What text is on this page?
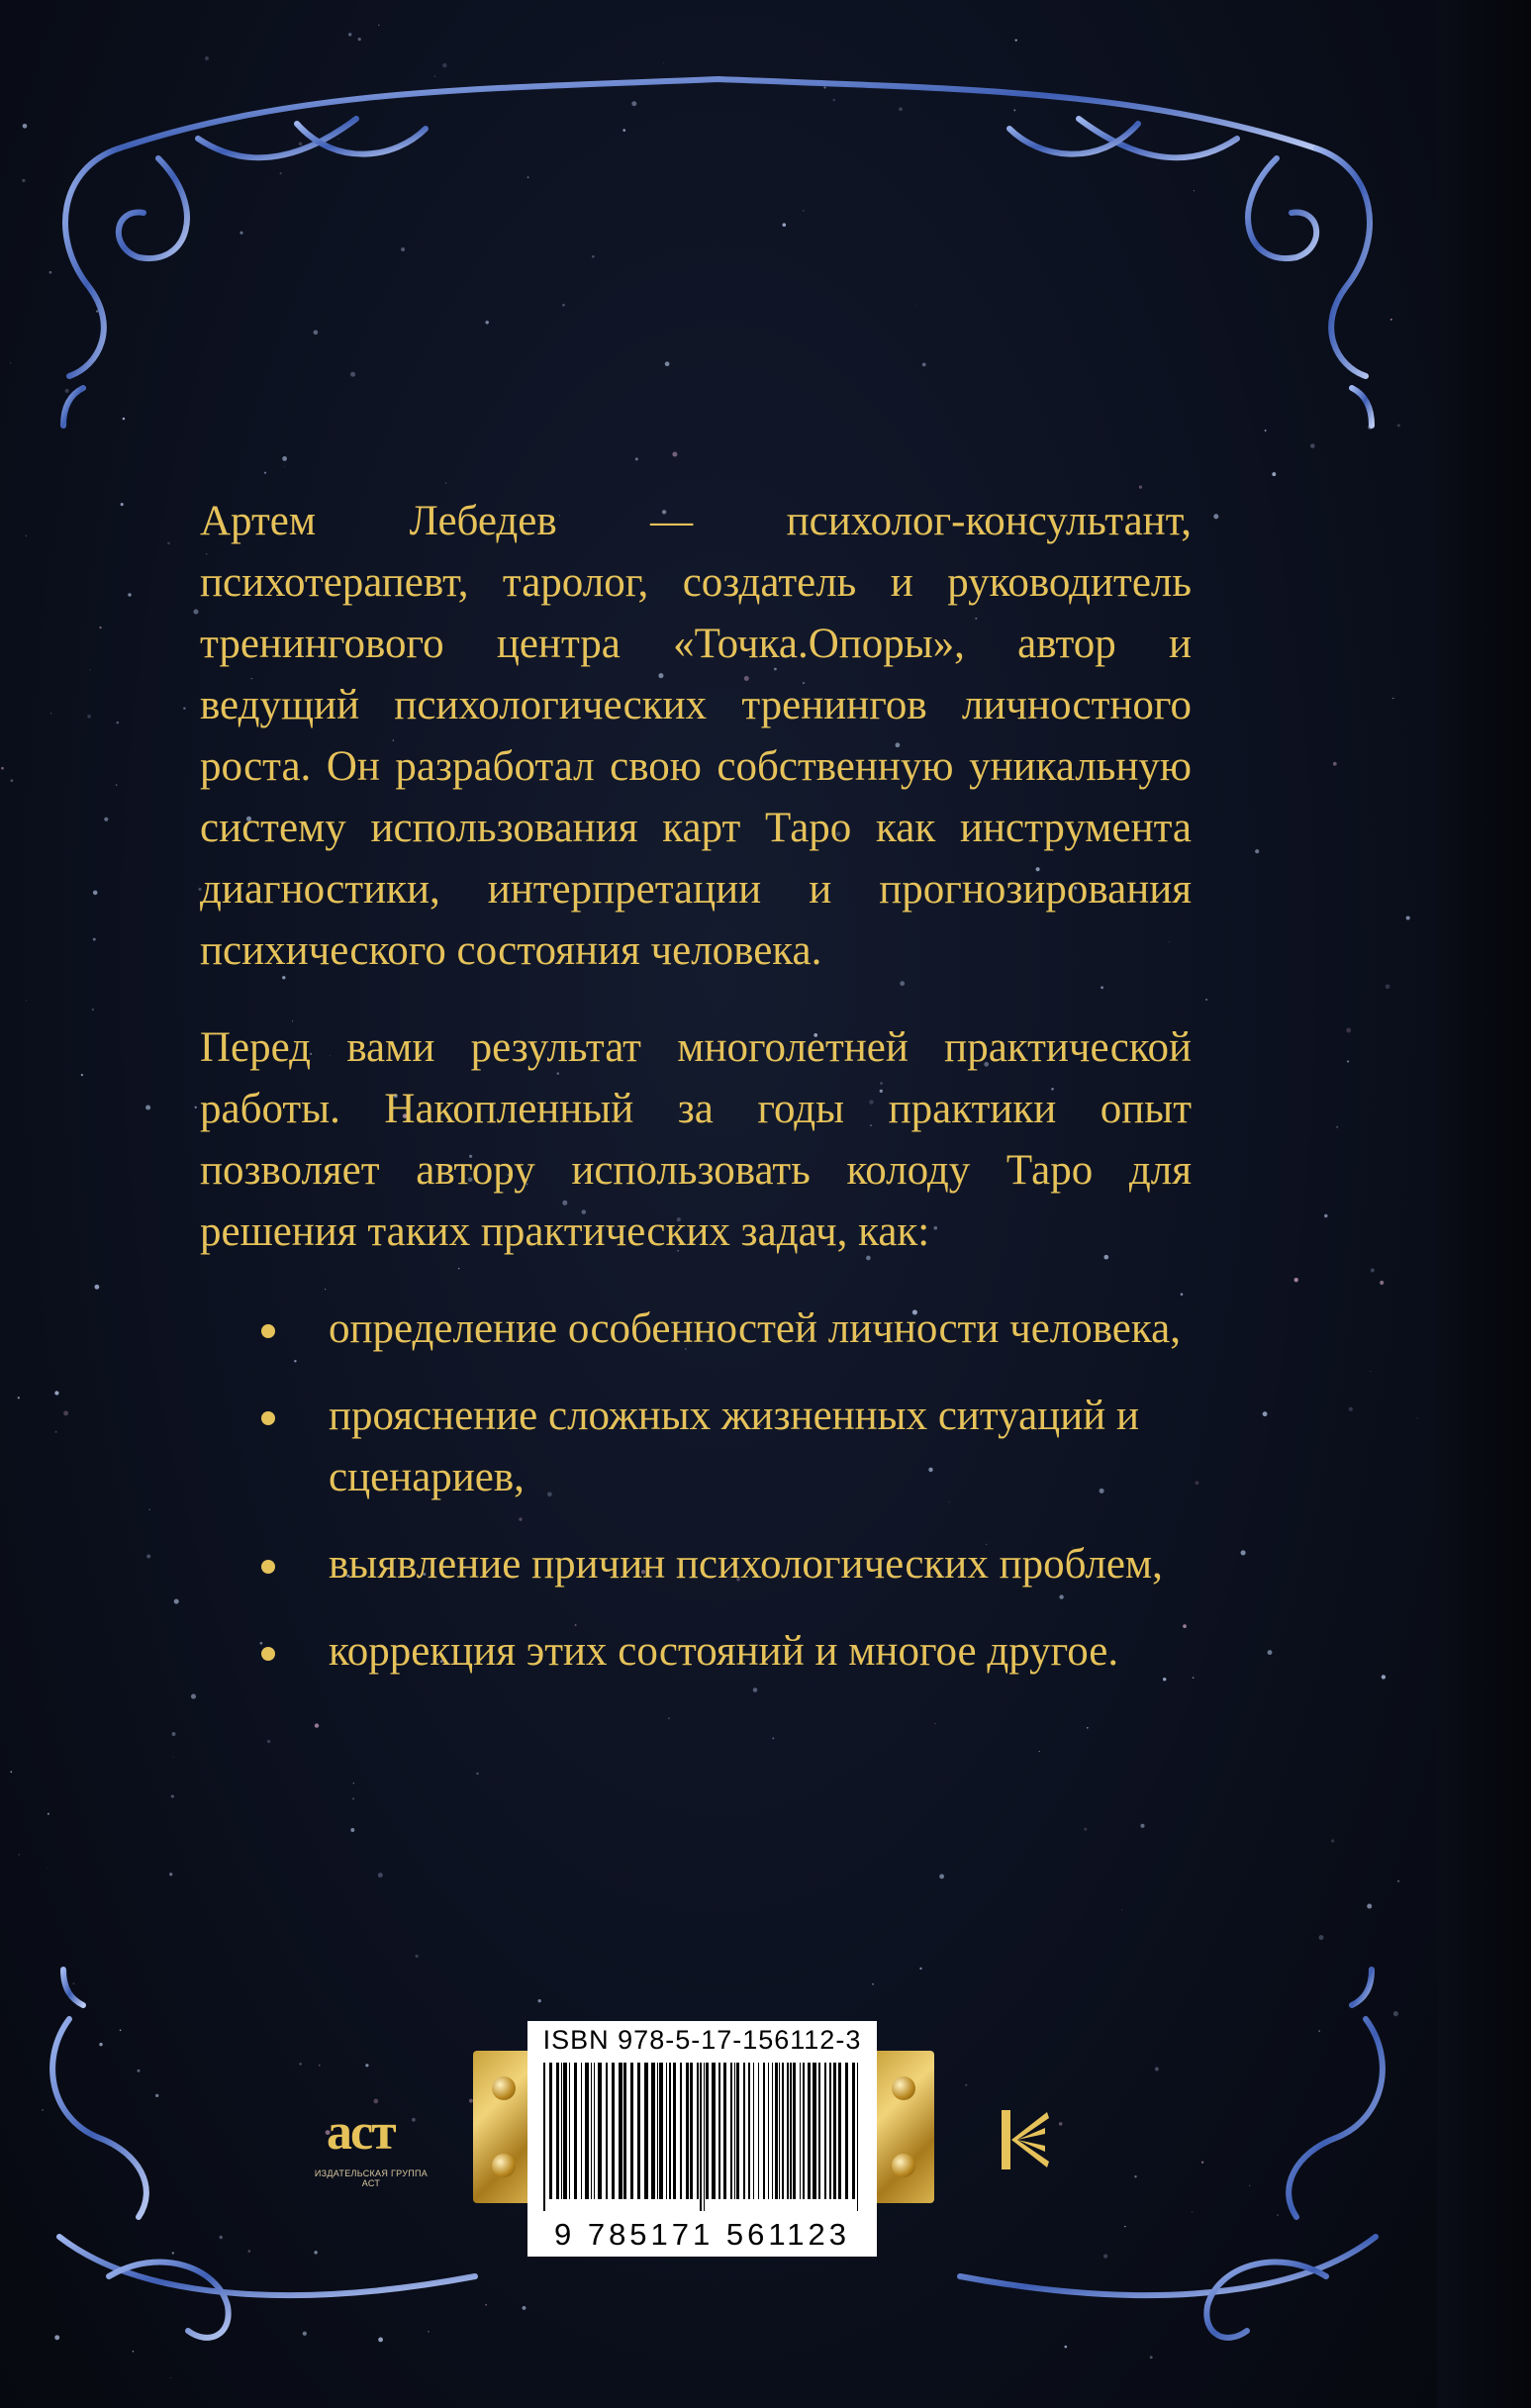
Артем Лебедев — психолог-консультант, психотерапевт, таролог, создатель и руководитель тренингового центра «Точка.Опоры», автор и ведущий психологических тренингов личностного роста. Он разработал свою собственную уникальную систему использования карт Таро как инструмента диагностики, интерпретации и прогнозирования психического состояния человека.

Перед вами результат многолетней практической работы. Накопленный за годы практики опыт позволяет автору использовать колоду Таро для решения таких практических задач, как:

определение особенностей личности человека,
прояснение сложных жизненных ситуаций и сценариев,
выявление причин психологических проблем,
коррекция этих состояний и многое другое.
аст
ИЗДАТЕЛЬСКАЯ ГРУППА АСТ
ISBN 978-5-17-156112-3
9 785171 561123
